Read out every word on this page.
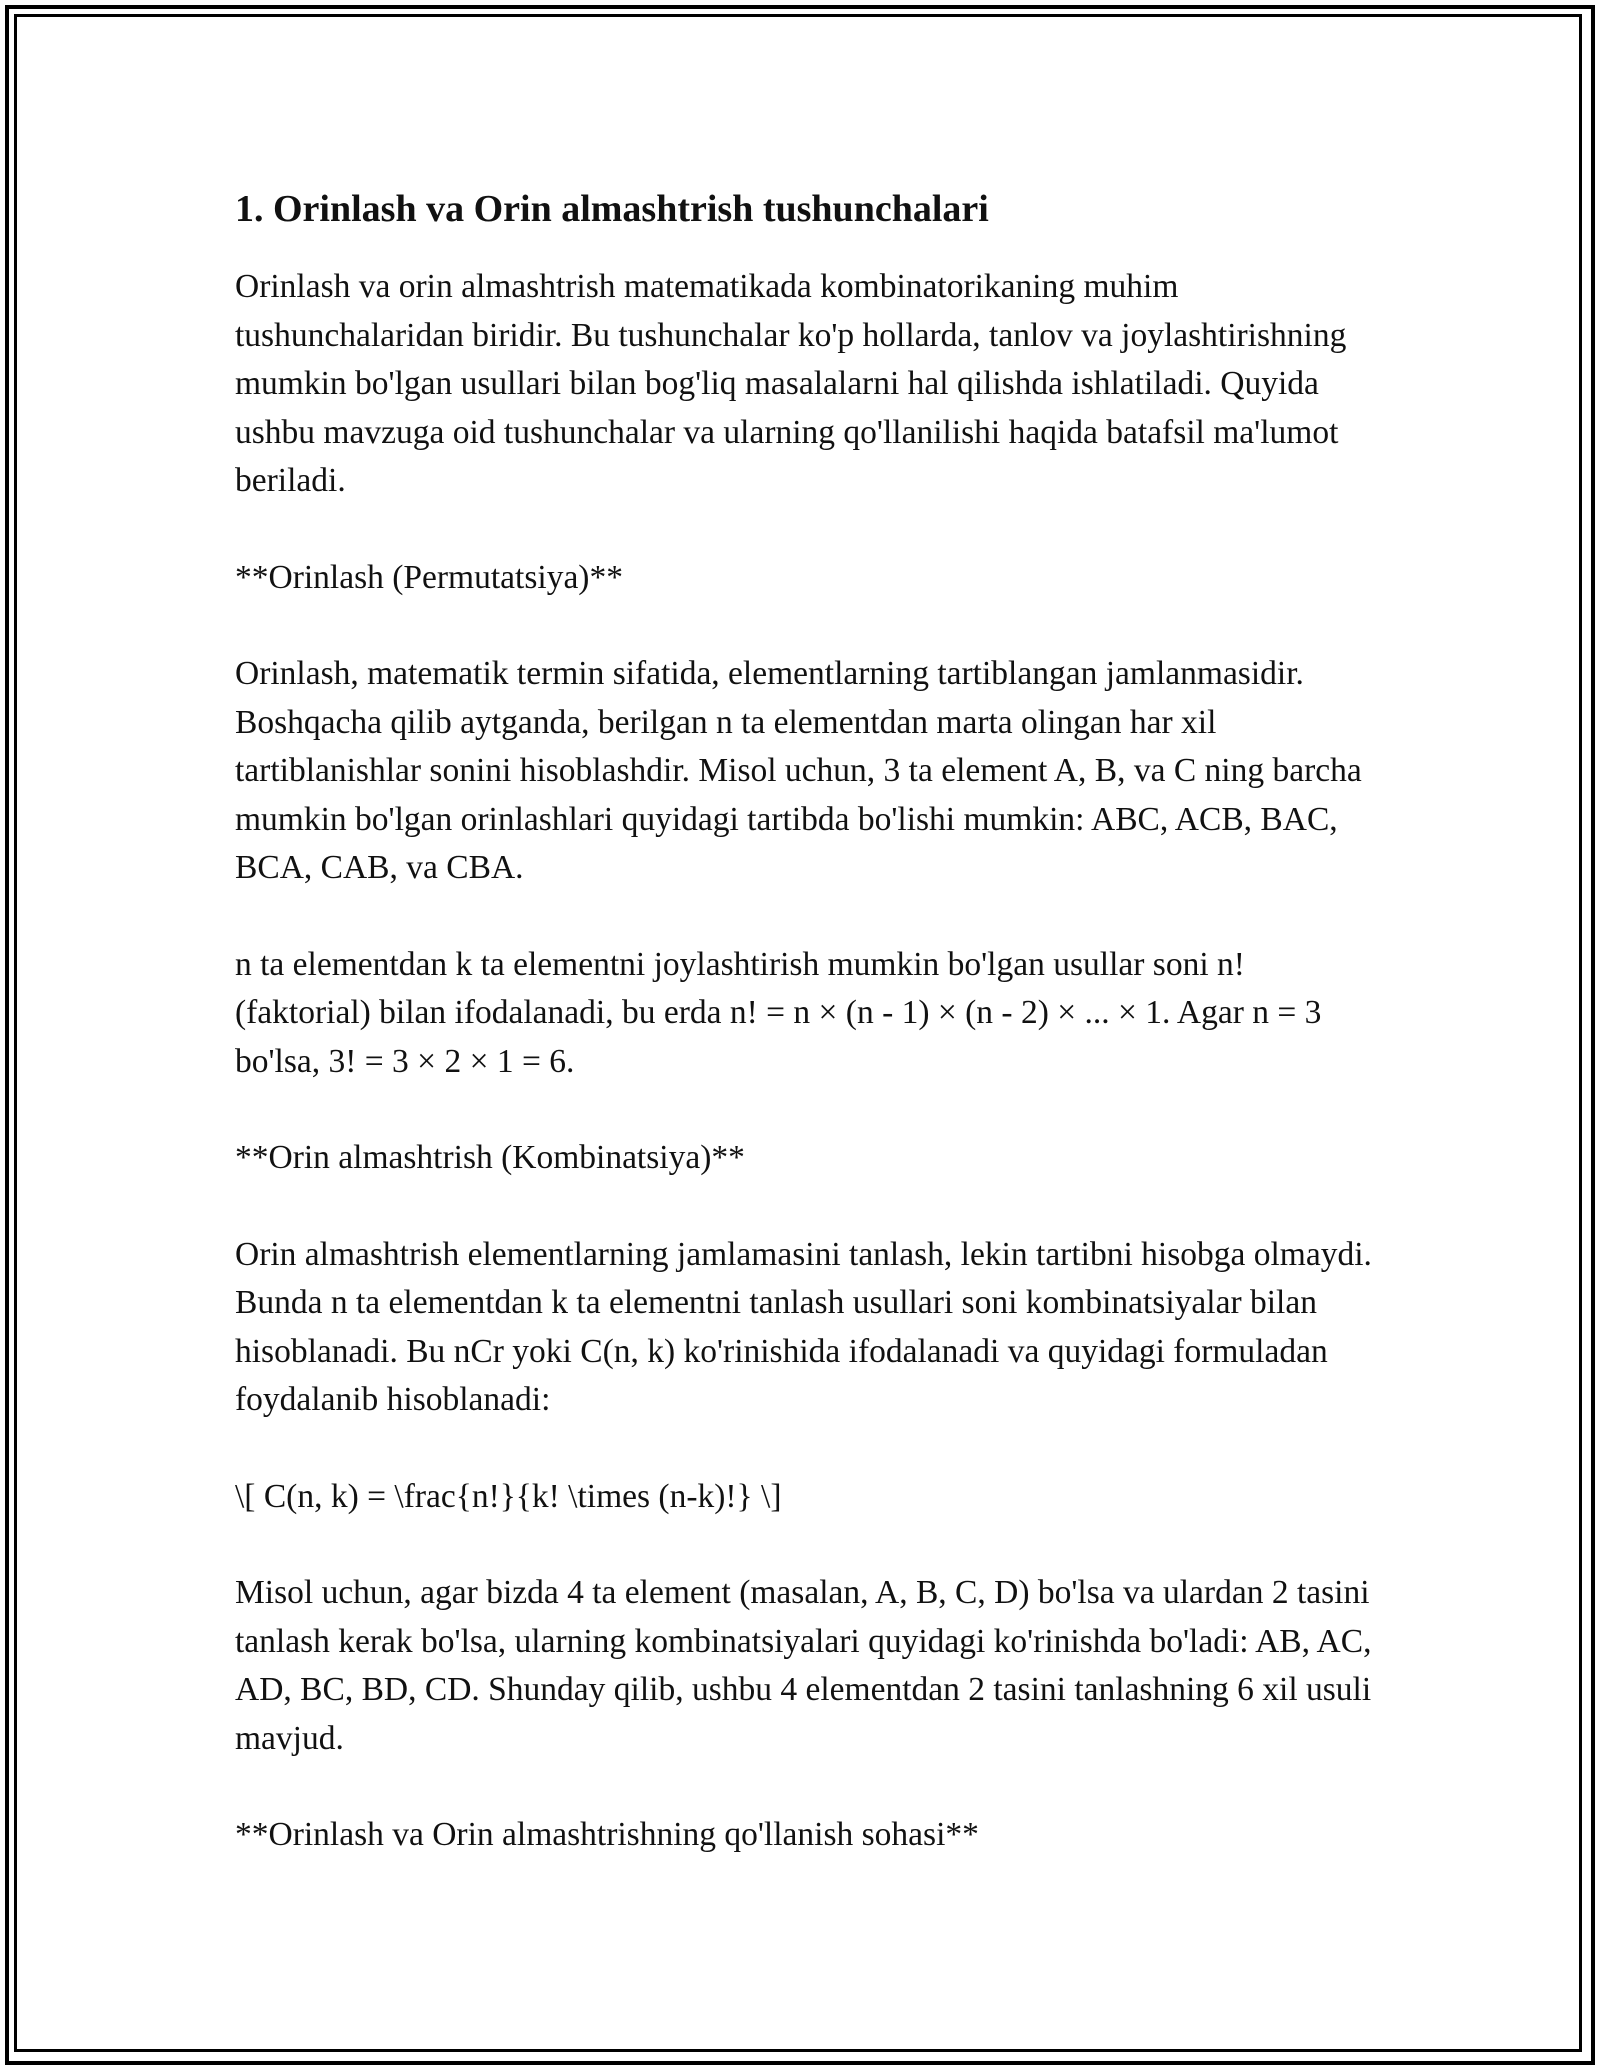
1. Orinlash va Orin almashtrish tushunchalari

Orinlash va orin almashtrish matematikada kombinatorikaning muhim tushunchalaridan biridir. Bu tushunchalar ko'p hollarda, tanlov va joylashtirishning mumkin bo'lgan usullari bilan bog'liq masalalarni hal qilishda ishlatiladi. Quyida ushbu mavzuga oid tushunchalar va ularning qo'llanilishi haqida batafsil ma'lumot beriladi.

**Orinlash (Permutatsiya)**

Orinlash, matematik termin sifatida, elementlarning tartiblangan jamlanmasidir. Boshqacha qilib aytganda, berilgan n ta elementdan marta olingan har xil tartiblanishlar sonini hisoblashdir. Misol uchun, 3 ta element A, B, va C ning barcha mumkin bo'lgan orinlashlari quyidagi tartibda bo'lishi mumkin: ABC, ACB, BAC, BCA, CAB, va CBA.

n ta elementdan k ta elementni joylashtirish mumkin bo'lgan usullar soni n! (faktorial) bilan ifodalanadi, bu erda n! = n × (n - 1) × (n - 2) × ... × 1. Agar n = 3 bo'lsa, 3! = 3 × 2 × 1 = 6.

**Orin almashtrish (Kombinatsiya)**

Orin almashtrish elementlarning jamlamasini tanlash, lekin tartibni hisobga olmaydi. Bunda n ta elementdan k ta elementni tanlash usullari soni kombinatsiyalar bilan hisoblanadi. Bu nCr yoki C(n, k) ko'rinishida ifodalanadi va quyidagi formuladan foydalanib hisoblanadi:

\[ C(n, k) = \frac{n!}{k! \times (n-k)!} \]

Misol uchun, agar bizda 4 ta element (masalan, A, B, C, D) bo'lsa va ulardan 2 tasini tanlash kerak bo'lsa, ularning kombinatsiyalari quyidagi ko'rinishda bo'ladi: AB, AC, AD, BC, BD, CD. Shunday qilib, ushbu 4 elementdan 2 tasini tanlashning 6 xil usuli mavjud.

**Orinlash va Orin almashtrishning qo'llanish sohasi**
